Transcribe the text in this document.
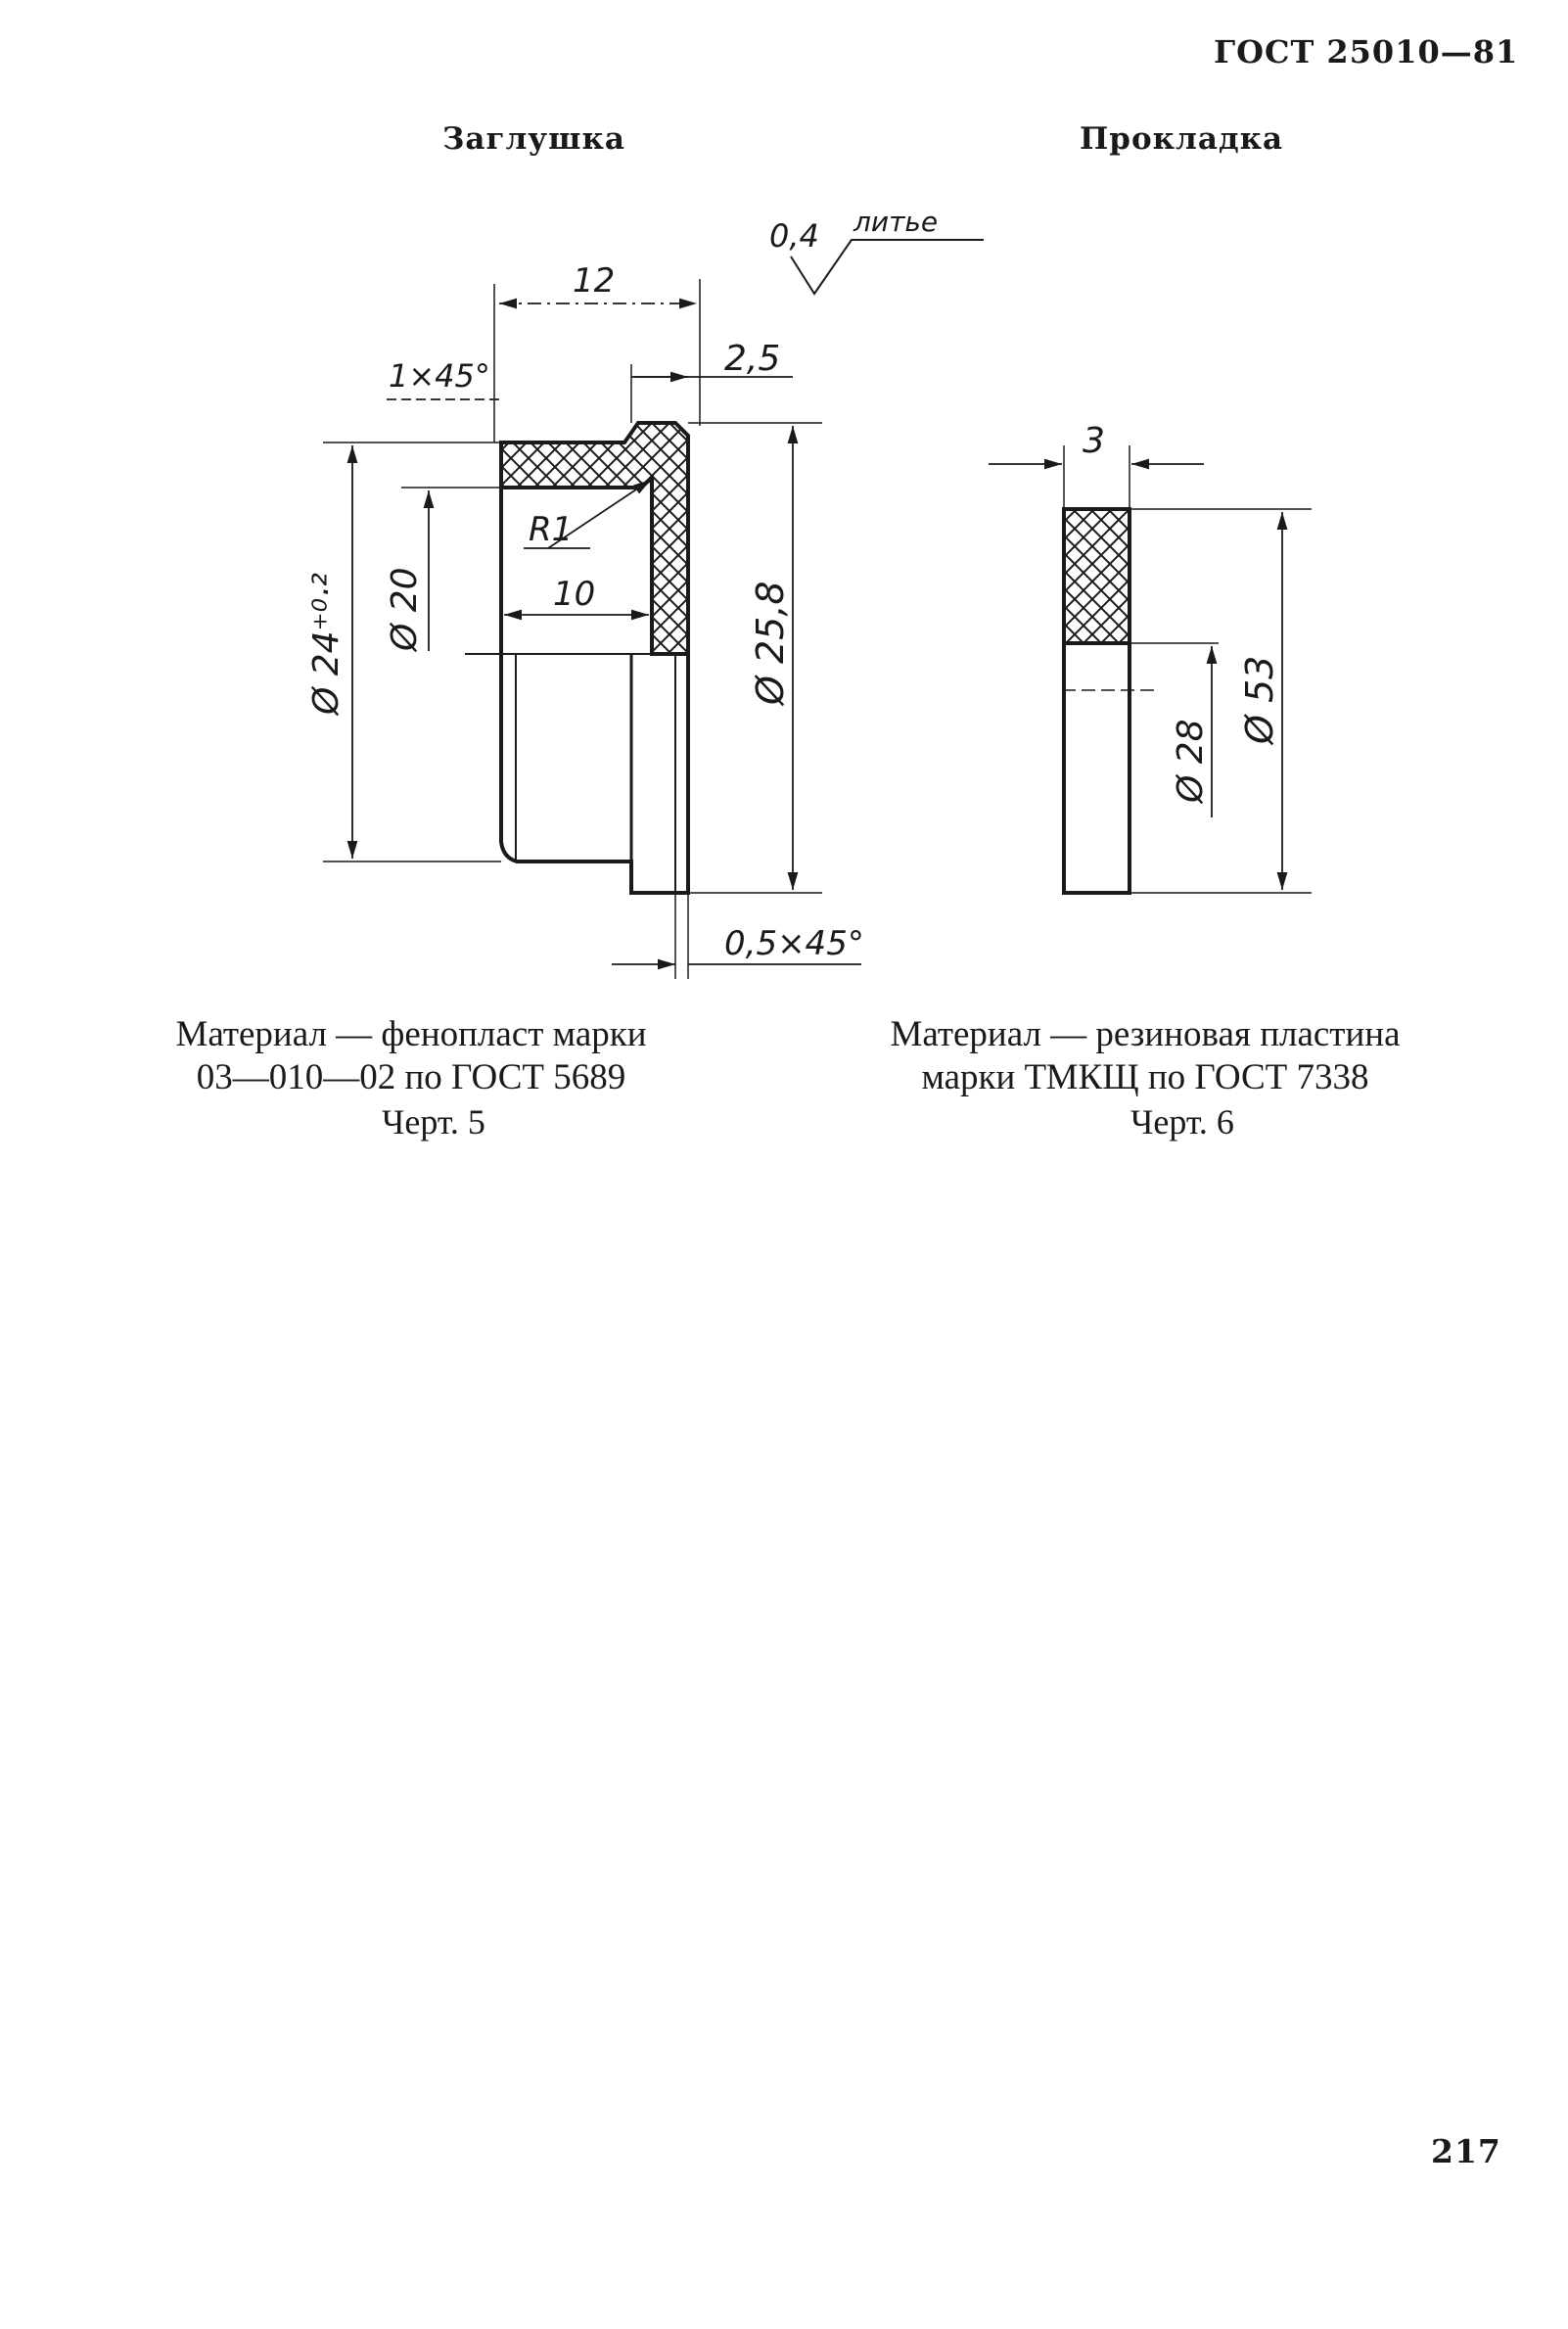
ГОСТ 25010—81
Заглушка	Прокладка
12
1×45°	2,5
Ø 24⁺⁰·² Ø 20
R1
10	Ø 25,8
0,5×45°
3
Ø 28
Ø 53
0,4 литье
Материал — фенопласт марки
03—010—02 по ГОСТ 5689
Черт. 5
Материал — резиновая пластина
марки ТМКЩ по ГОСТ 7338
Черт. 6
217
